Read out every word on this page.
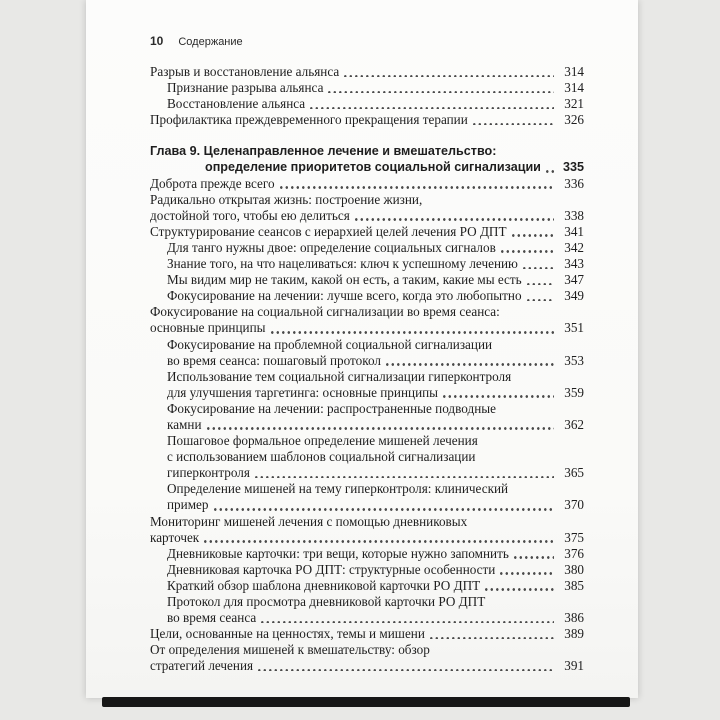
10 Содержание
Разрыв и восстановление альянса	314
Признание разрыва альянса	314
Восстановление альянса	321
Профилактика преждевременного прекращения терапии	326
Глава 9. Целенаправленное лечение и вмешательство:
определение приоритетов социальной сигнализации	335
Доброта прежде всего	336
Радикально открытая жизнь: построение жизни,
достойной того, чтобы ею делиться	338
Структурирование сеансов с иерархией целей лечения РО ДПТ	341
Для танго нужны двое: определение социальных сигналов	342
Знание того, на что нацеливаться: ключ к успешному лечению	343
Мы видим мир не таким, какой он есть, а таким, какие мы есть	347
Фокусирование на лечении: лучше всего, когда это любопытно	349
Фокусирование на социальной сигнализации во время сеанса:
основные принципы	351
Фокусирование на проблемной социальной сигнализации
во время сеанса: пошаговый протокол	353
Использование тем социальной сигнализации гиперконтроля
для улучшения таргетинга: основные принципы	359
Фокусирование на лечении: распространенные подводные
камни	362
Пошаговое формальное определение мишеней лечения
с использованием шаблонов социальной сигнализации
гиперконтроля	365
Определение мишеней на тему гиперконтроля: клинический
пример	370
Мониторинг мишеней лечения с помощью дневниковых
карточек	375
Дневниковые карточки: три вещи, которые нужно запомнить	376
Дневниковая карточка РО ДПТ: структурные особенности	380
Краткий обзор шаблона дневниковой карточки РО ДПТ	385
Протокол для просмотра дневниковой карточки РО ДПТ
во время сеанса	386
Цели, основанные на ценностях, темы и мишени	389
От определения мишеней к вмешательству: обзор
стратегий лечения	391
